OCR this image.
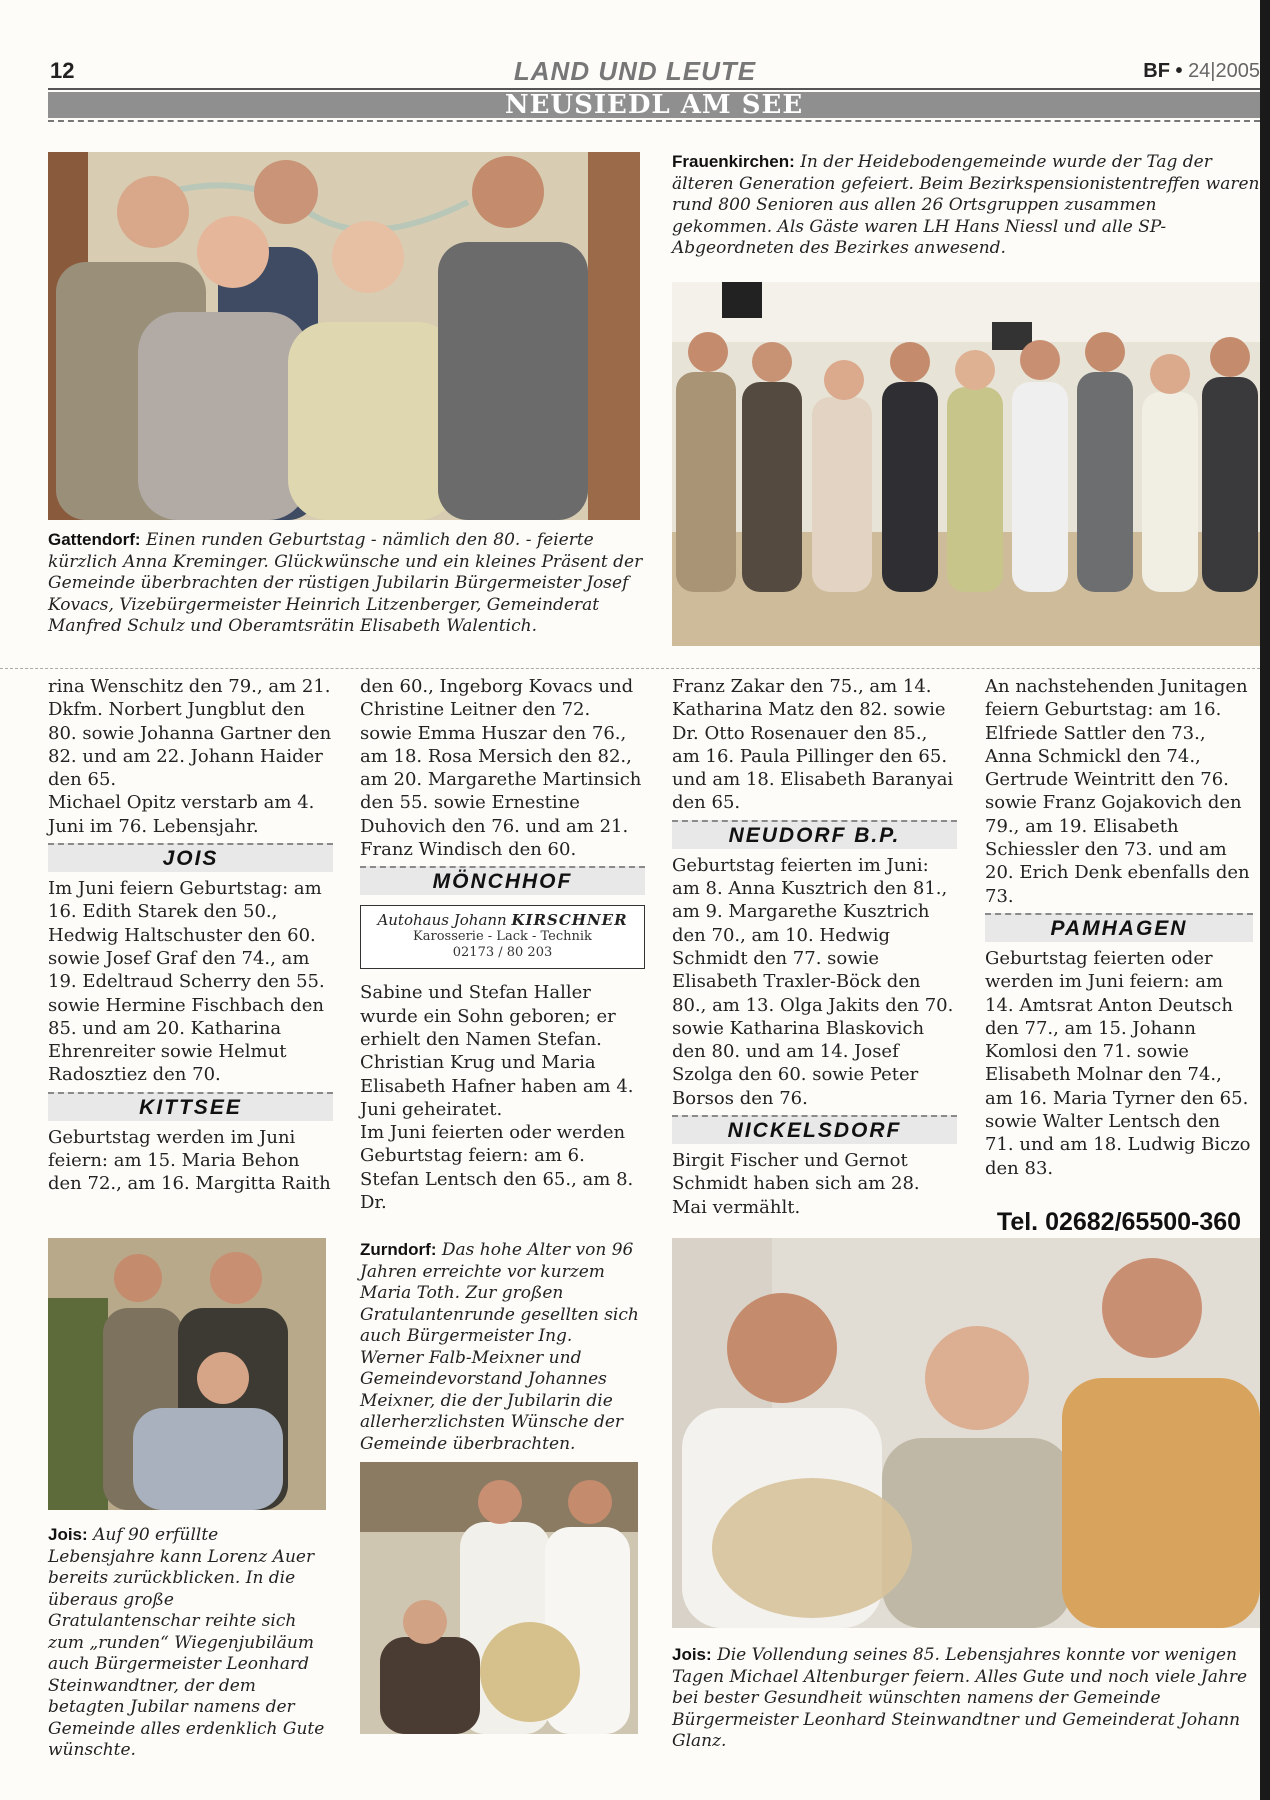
12	LAND UND LEUTE	BF • 24|2005
NEUSIEDL AM SEE

Gattendorf: Einen runden Geburtstag - nämlich den 80. - feierte kürzlich Anna Kreminger. Glückwünsche und ein kleines Präsent der Gemeinde überbrachten der rüstigen Jubilarin Bürgermeister Josef Kovacs, Vizebürgermeister Heinrich Litzenberger, Gemeinderat Manfred Schulz und Oberamtsrätin Elisabeth Walentich.

Frauenkirchen: In der Heidebodengemeinde wurde der Tag der älteren Generation gefeiert. Beim Bezirkspensionistentreffen waren rund 800 Senioren aus allen 26 Ortsgruppen zusammen gekommen. Als Gäste waren LH Hans Niessl und alle SP-Abgeordneten des Bezirkes anwesend.

rina Wenschitz den 79., am 21. Dkfm. Norbert Jungblut den 80. sowie Johanna Gartner den 82. und am 22. Johann Haider den 65.

Michael Opitz verstarb am 4. Juni im 76. Lebensjahr.

JOIS

Im Juni feiern Geburtstag: am 16. Edith Starek den 50., Hedwig Haltschuster den 60. sowie Josef Graf den 74., am 19. Edeltraud Scherry den 55. sowie Hermine Fischbach den 85. und am 20. Katharina Ehrenreiter sowie Helmut Radosztiez den 70.

KITTSEE

Geburtstag werden im Juni feiern: am 15. Maria Behon den 72., am 16. Margitta Raith

den 60., Ingeborg Kovacs und Christine Leitner den 72. sowie Emma Huszar den 76., am 18. Rosa Mersich den 82., am 20. Margarethe Martinsich den 55. sowie Ernestine Duhovich den 76. und am 21. Franz Windisch den 60.

MÖNCHHOF
Autohaus Johann KIRSCHNER
Karosserie - Lack - Technik
02173 / 80 203

Sabine und Stefan Haller wurde ein Sohn geboren; er erhielt den Namen Stefan.

Christian Krug und Maria Elisabeth Hafner haben am 4. Juni geheiratet.

Im Juni feierten oder werden Geburtstag feiern: am 6. Stefan Lentsch den 65., am 8. Dr.

Franz Zakar den 75., am 14. Katharina Matz den 82. sowie Dr. Otto Rosenauer den 85., am 16. Paula Pillinger den 65. und am 18. Elisabeth Baranyai den 65.

NEUDORF B.P.

Geburtstag feierten im Juni: am 8. Anna Kusztrich den 81., am 9. Margarethe Kusztrich den 70., am 10. Hedwig Schmidt den 77. sowie Elisabeth Traxler-Böck den 80., am 13. Olga Jakits den 70. sowie Katharina Blaskovich den 80. und am 14. Josef Szolga den 60. sowie Peter Borsos den 76.

NICKELSDORF

Birgit Fischer und Gernot Schmidt haben sich am 28. Mai vermählt.

An nachstehenden Junitagen feiern Geburtstag: am 16. Elfriede Sattler den 73., Anna Schmickl den 74., Gertrude Weintritt den 76. sowie Franz Gojakovich den 79., am 19. Elisabeth Schiessler den 73. und am 20. Erich Denk ebenfalls den 73.

PAMHAGEN

Geburtstag feierten oder werden im Juni feiern: am 14. Amtsrat Anton Deutsch den 77., am 15. Johann Komlosi den 71. sowie Elisabeth Molnar den 74., am 16. Maria Tyrner den 65. sowie Walter Lentsch den 71. und am 18. Ludwig Biczo den 83.

Tel. 02682/65500-360

Jois: Auf 90 erfüllte Lebensjahre kann Lorenz Auer bereits zurückblicken. In die überaus große Gratulantenschar reihte sich zum „runden“ Wiegenjubiläum auch Bürgermeister Leonhard Steinwandtner, der dem betagten Jubilar namens der Gemeinde alles erdenklich Gute wünschte.

Zurndorf: Das hohe Alter von 96 Jahren erreichte vor kurzem Maria Toth. Zur großen Gratulantenrunde gesellten sich auch Bürgermeister Ing. Werner Falb-Meixner und Gemeindevorstand Johannes Meixner, die der Jubilarin die allerherzlichsten Wünsche der Gemeinde überbrachten.

Jois: Die Vollendung seines 85. Lebensjahres konnte vor wenigen Tagen Michael Altenburger feiern. Alles Gute und noch viele Jahre bei bester Gesundheit wünschten namens der Gemeinde Bürgermeister Leonhard Steinwandtner und Gemeinderat Johann Glanz.
